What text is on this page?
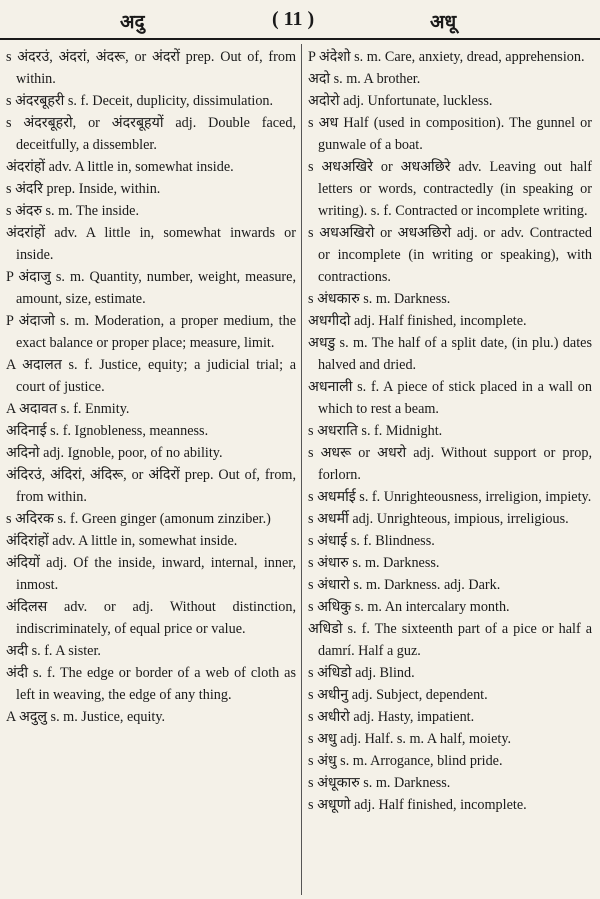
अदु	( 11 )	अधू

s अंदरउं, अंदरां, अंदरू, or अंदरों prep. Out of, from within.

s अंदरबूहरी s. f. Deceit, duplicity, dissimulation.

s अंदरबूहरो, or अंदरबूहयों adj. Double faced, deceitfully, a dissembler.

अंदरांहों adv. A little in, somewhat inside.

s अंदरि prep. Inside, within.

s अंदरु s. m. The inside.

अंदरांहों adv. A little in, somewhat inwards or inside.

P अंदाजु s. m. Quantity, number, weight, measure, amount, size, estimate.

P अंदाजो s. m. Moderation, a proper medium, the exact balance or proper place; measure, limit.

A अदालत s. f. Justice, equity; a judicial trial; a court of justice.

A अदावत s. f. Enmity.

अदिनाई s. f. Ignobleness, meanness.

अदिनो adj. Ignoble, poor, of no ability.

अंदिरउं, अंदिरां, अंदिरू, or अंदिरों prep. Out of, from, from within.

s अदिरक s. f. Green ginger (amonum zinziber.)

अंदिरांहों adv. A little in, somewhat inside.

अंदियों adj. Of the inside, inward, internal, inner, inmost.

अंदिलस adv. or adj. Without distinction, indiscriminately, of equal price or value.

अदी s. f. A sister.

अंदी s. f. The edge or border of a web of cloth as left in weaving, the edge of any thing.

A अदुलु s. m. Justice, equity.

P अंदेशो s. m. Care, anxiety, dread, apprehension.

अदो s. m. A brother.

अदोरो adj. Unfortunate, luckless.

s अध Half (used in composition). The gunnel or gunwale of a boat.

s अधअखिरे or अधअछिरे adv. Leaving out half letters or words, contractedly (in speaking or writing). s. f. Contracted or incomplete writing.

s अधअखिरो or अधअछिरो adj. or adv. Contracted or incomplete (in writing or speaking), with contractions.

s अंधकारु s. m. Darkness.

अधगीदो adj. Half finished, incomplete.

अधडु s. m. The half of a split date, (in plu.) dates halved and dried.

अधनाली s. f. A piece of stick placed in a wall on which to rest a beam.

s अधराति s. f. Midnight.

s अधरू or अधरो adj. Without support or prop, forlorn.

s अधर्माई s. f. Unrighteousness, irreligion, impiety.

s अधर्मी adj. Unrighteous, impious, irreligious.

s अंधाई s. f. Blindness.

s अंधारु s. m. Darkness.

s अंधारो s. m. Darkness. adj. Dark.

s अधिकु s. m. An intercalary month.

अधिडो s. f. The sixteenth part of a pice or half a damrí. Half a guz.

s अंधिडो adj. Blind.

s अधीनु adj. Subject, dependent.

s अधीरो adj. Hasty, impatient.

s अधु adj. Half. s. m. A half, moiety.

s अंधु s. m. Arrogance, blind pride.

s अंधूकारु s. m. Darkness.

s अधूणो adj. Half finished, incomplete.
